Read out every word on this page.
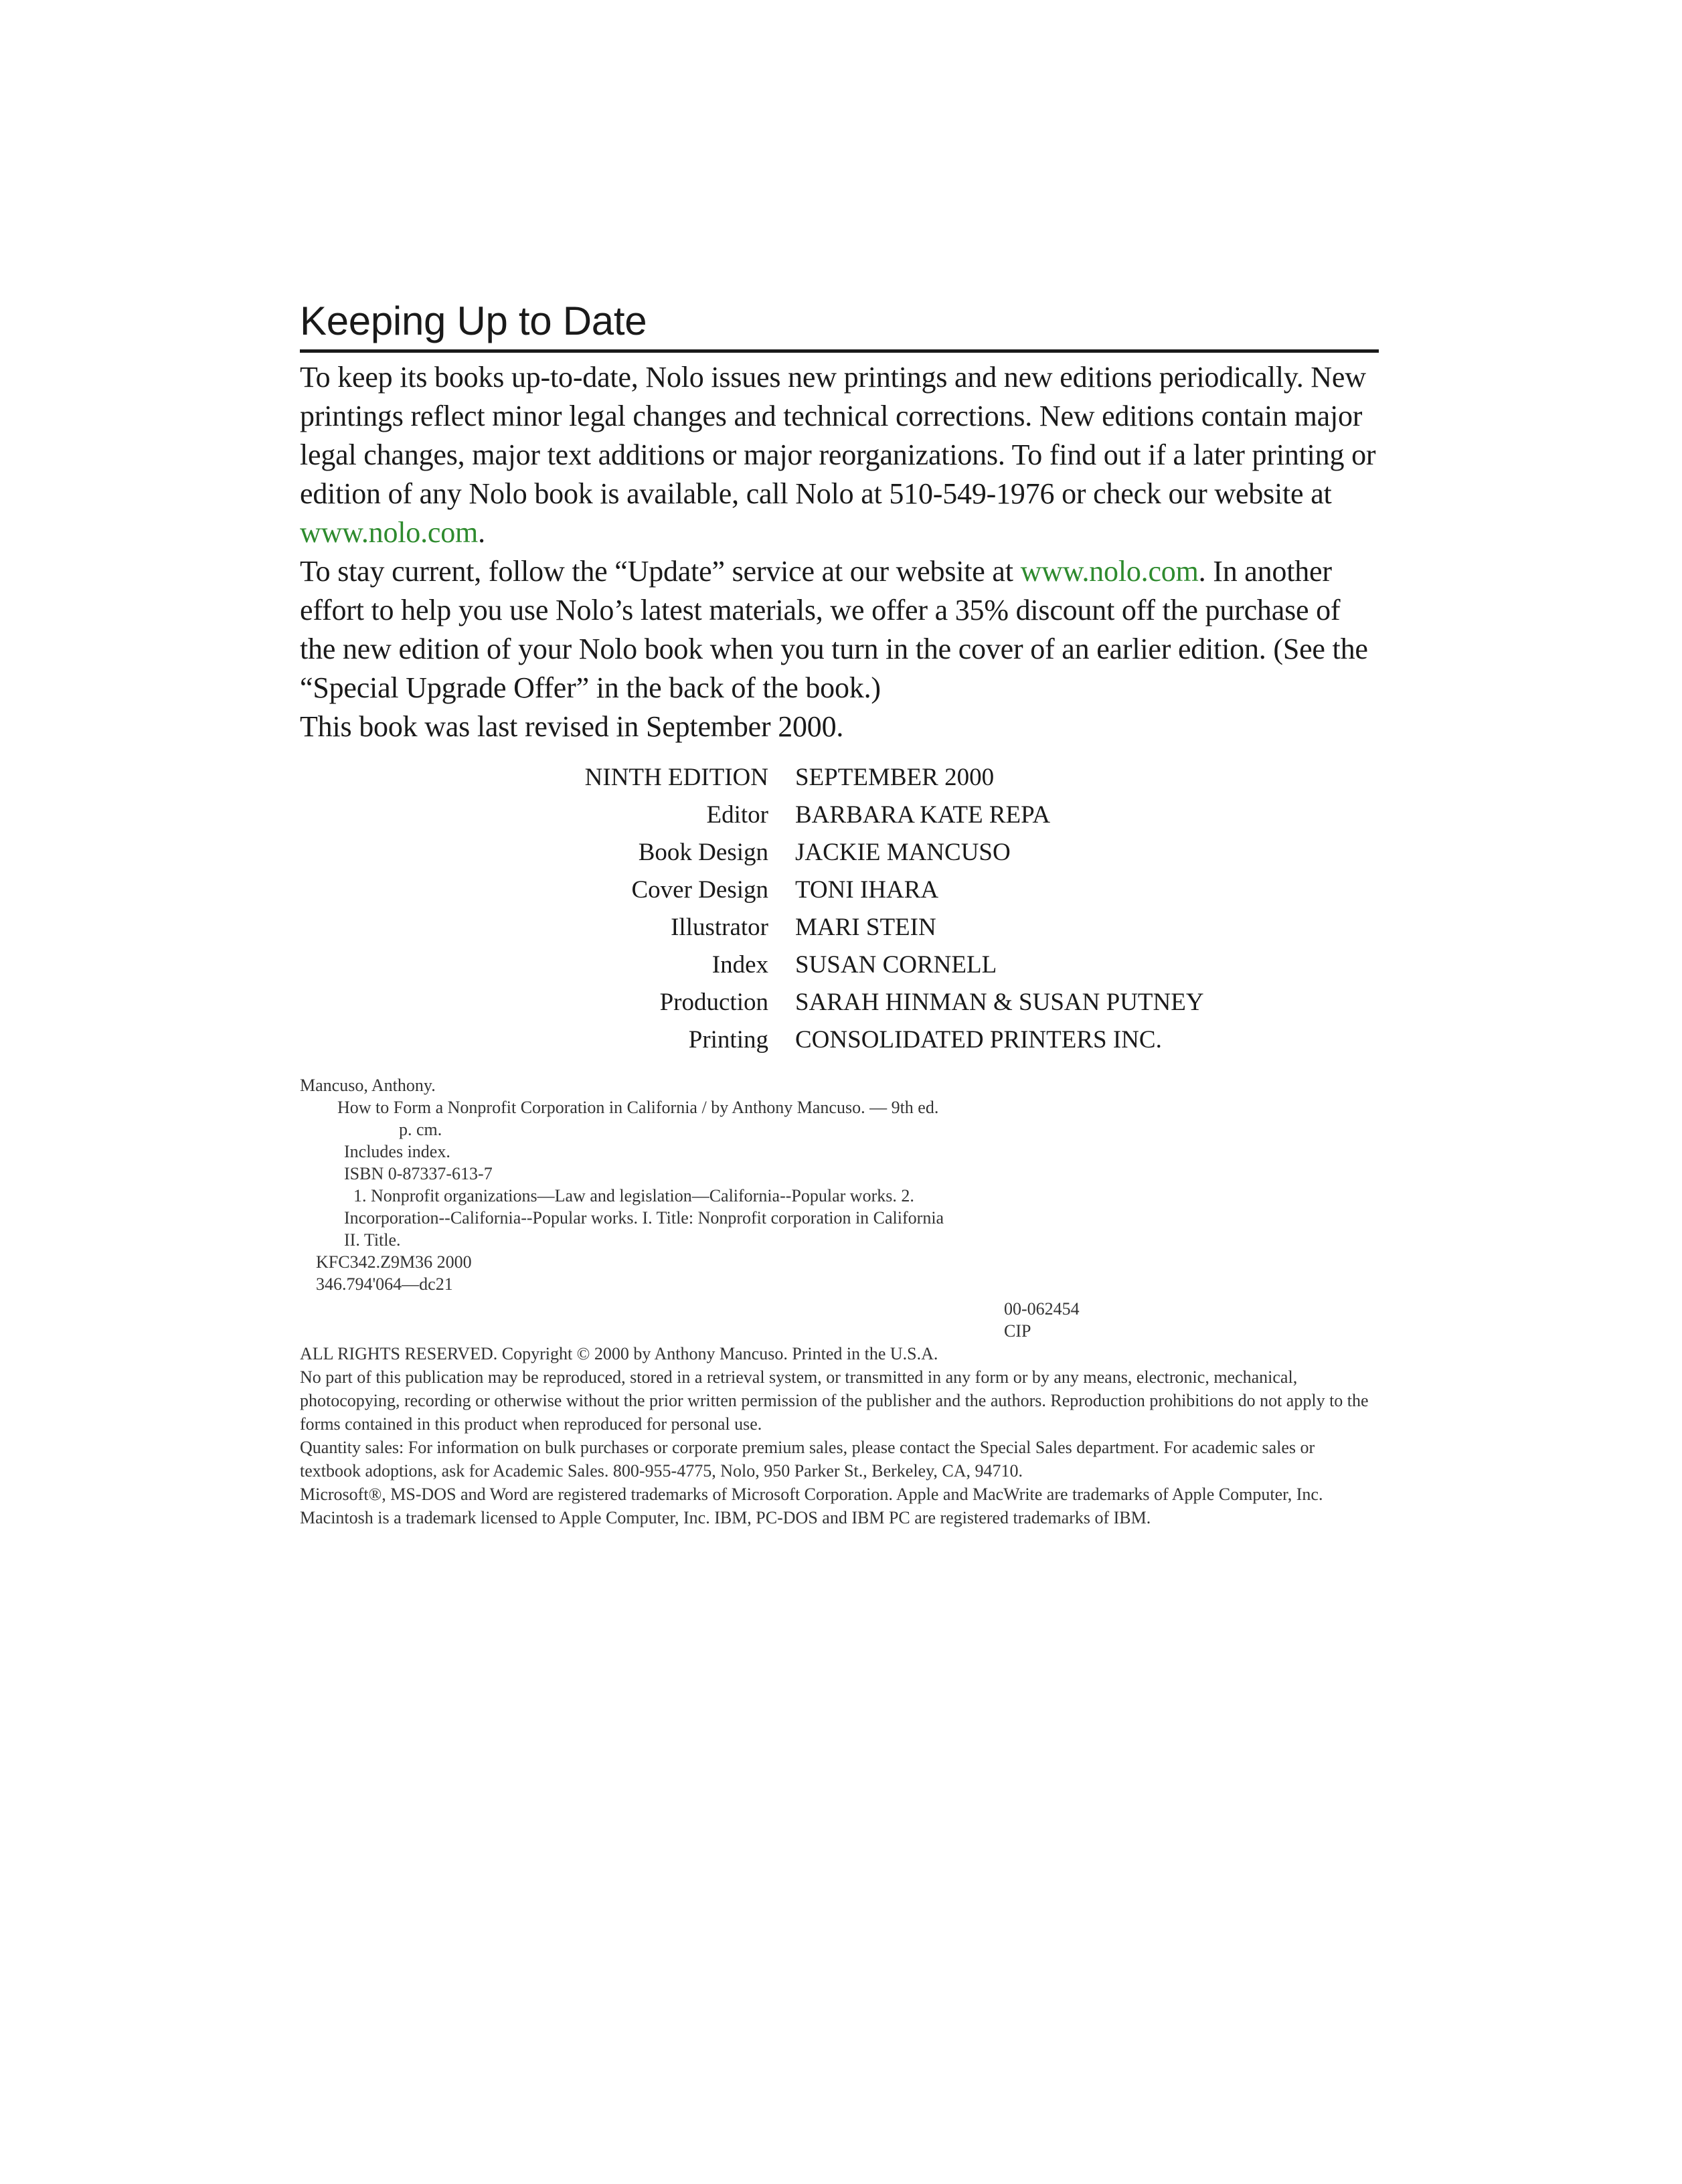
Keeping Up to Date

To keep its books up-to-date, Nolo issues new printings and new editions periodically. New printings reflect minor legal changes and technical corrections. New editions contain major legal changes, major text additions or major reorganizations. To find out if a later printing or edition of any Nolo book is available, call Nolo at 510-549-1976 or check our website at www.nolo.com.

To stay current, follow the “Update” service at our website at www.nolo.com. In another effort to help you use Nolo’s latest materials, we offer a 35% discount off the purchase of the new edition of your Nolo book when you turn in the cover of an earlier edition. (See the “Special Upgrade Offer” in the back of the book.)

This book was last revised in September 2000.

NINTH EDITION	SEPTEMBER 2000
Editor	BARBARA KATE REPA
Book Design	JACKIE MANCUSO
Cover Design	TONI IHARA
Illustrator	MARI STEIN
Index	SUSAN CORNELL
Production	SARAH HINMAN & SUSAN PUTNEY
Printing	CONSOLIDATED PRINTERS INC.
Mancuso, Anthony.
How to Form a Nonprofit Corporation in California / by Anthony Mancuso. — 9th ed.
p. cm.
Includes index.
ISBN 0-87337-613-7
1. Nonprofit organizations—Law and legislation—California--Popular works. 2.
Incorporation--California--Popular works. I. Title: Nonprofit corporation in California
II. Title.
KFC342.Z9M36 2000
346.794'064—dc21
00-062454
CIP

ALL RIGHTS RESERVED. Copyright © 2000 by Anthony Mancuso. Printed in the U.S.A.

No part of this publication may be reproduced, stored in a retrieval system, or transmitted in any form or by any means, electronic, mechanical, photocopying, recording or otherwise without the prior written permission of the publisher and the authors. Reproduction prohibitions do not apply to the forms contained in this product when reproduced for personal use.

Quantity sales: For information on bulk purchases or corporate premium sales, please contact the Special Sales department. For academic sales or textbook adoptions, ask for Academic Sales. 800-955-4775, Nolo, 950 Parker St., Berkeley, CA, 94710.

Microsoft®, MS-DOS and Word are registered trademarks of Microsoft Corporation. Apple and MacWrite are trademarks of Apple Computer, Inc. Macintosh is a trademark licensed to Apple Computer, Inc. IBM, PC-DOS and IBM PC are registered trademarks of IBM.
